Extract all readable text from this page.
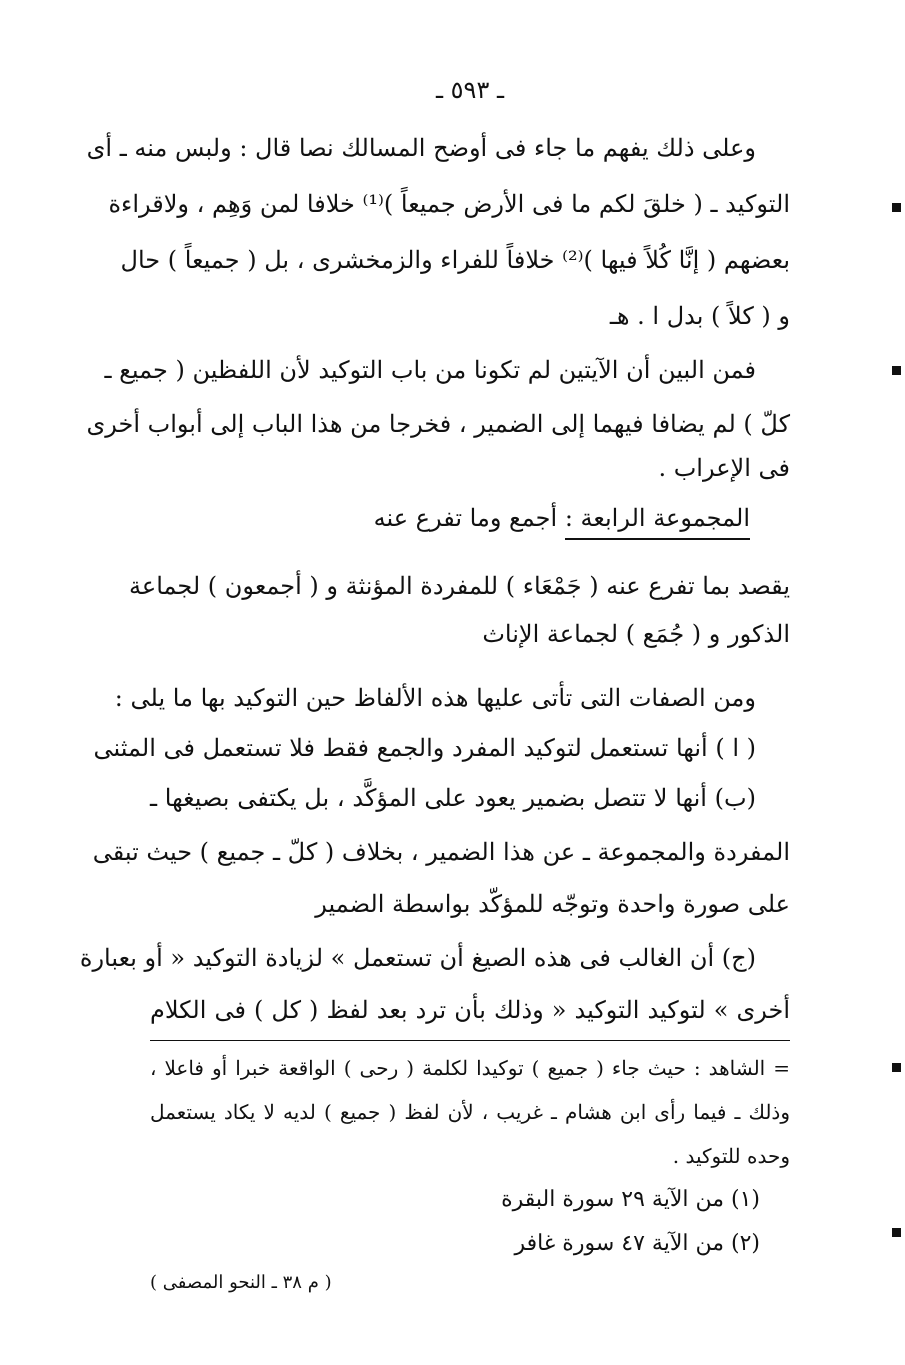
ـ ٥٩٣ ـ
وعلى ذلك يفهم ما جاء فى أوضح المسالك نصا قال : ولبس منه ـ أى
التوكيد ـ ( خلقَ لكم ما فى الأرض جميعاً )⁽¹⁾ خلافا لمن وَهِم ، ولاقراءة
بعضهم ( إنَّا كُلاً فيها )⁽²⁾ خلافاً للفراء والزمخشرى ، بل ( جميعاً ) حال
و ( كلاً ) بدل ا . هـ
فمن البين أن الآيتين لم تكونا من باب التوكيد لأن اللفظين ( جميع ـ
كلّ ) لم يضافا فيهما إلى الضمير ، فخرجا من هذا الباب إلى أبواب أخرى
فى الإعراب .
المجموعة الرابعة : أجمع وما تفرع عنه
يقصد بما تفرع عنه ( جَمْعَاء ) للمفردة المؤنثة و ( أجمعون ) لجماعة
الذكور و ( جُمَع ) لجماعة الإناث
ومن الصفات التى تأتى عليها هذه الألفاظ حين التوكيد بها ما يلى :
( ا ) أنها تستعمل لتوكيد المفرد والجمع فقط فلا تستعمل فى المثنى
(ب) أنها لا تتصل بضمير يعود على المؤكَّد ، بل يكتفى بصيغها ـ
المفردة والمجموعة ـ عن هذا الضمير ، بخلاف ( كلّ ـ جميع ) حيث تبقى
على صورة واحدة وتوجّه للمؤكّد بواسطة الضمير
(ج) أن الغالب فى هذه الصيغ أن تستعمل » لزيادة التوكيد « أو بعبارة
أخرى » لتوكيد التوكيد « وذلك بأن ترد بعد لفظ ( كل ) فى الكلام
= الشاهد : حيث جاء ( جميع ) توكيدا لكلمة ( رحى ) الواقعة خبرا أو فاعلا ،
وذلك ـ فيما رأى ابن هشام ـ غريب ، لأن لفظ ( جميع ) لديه لا يكاد يستعمل
وحده للتوكيد .
(١) من الآية ٢٩ سورة البقرة
(٢) من الآية ٤٧ سورة غافر
( م ٣٨ ـ النحو المصفى )
